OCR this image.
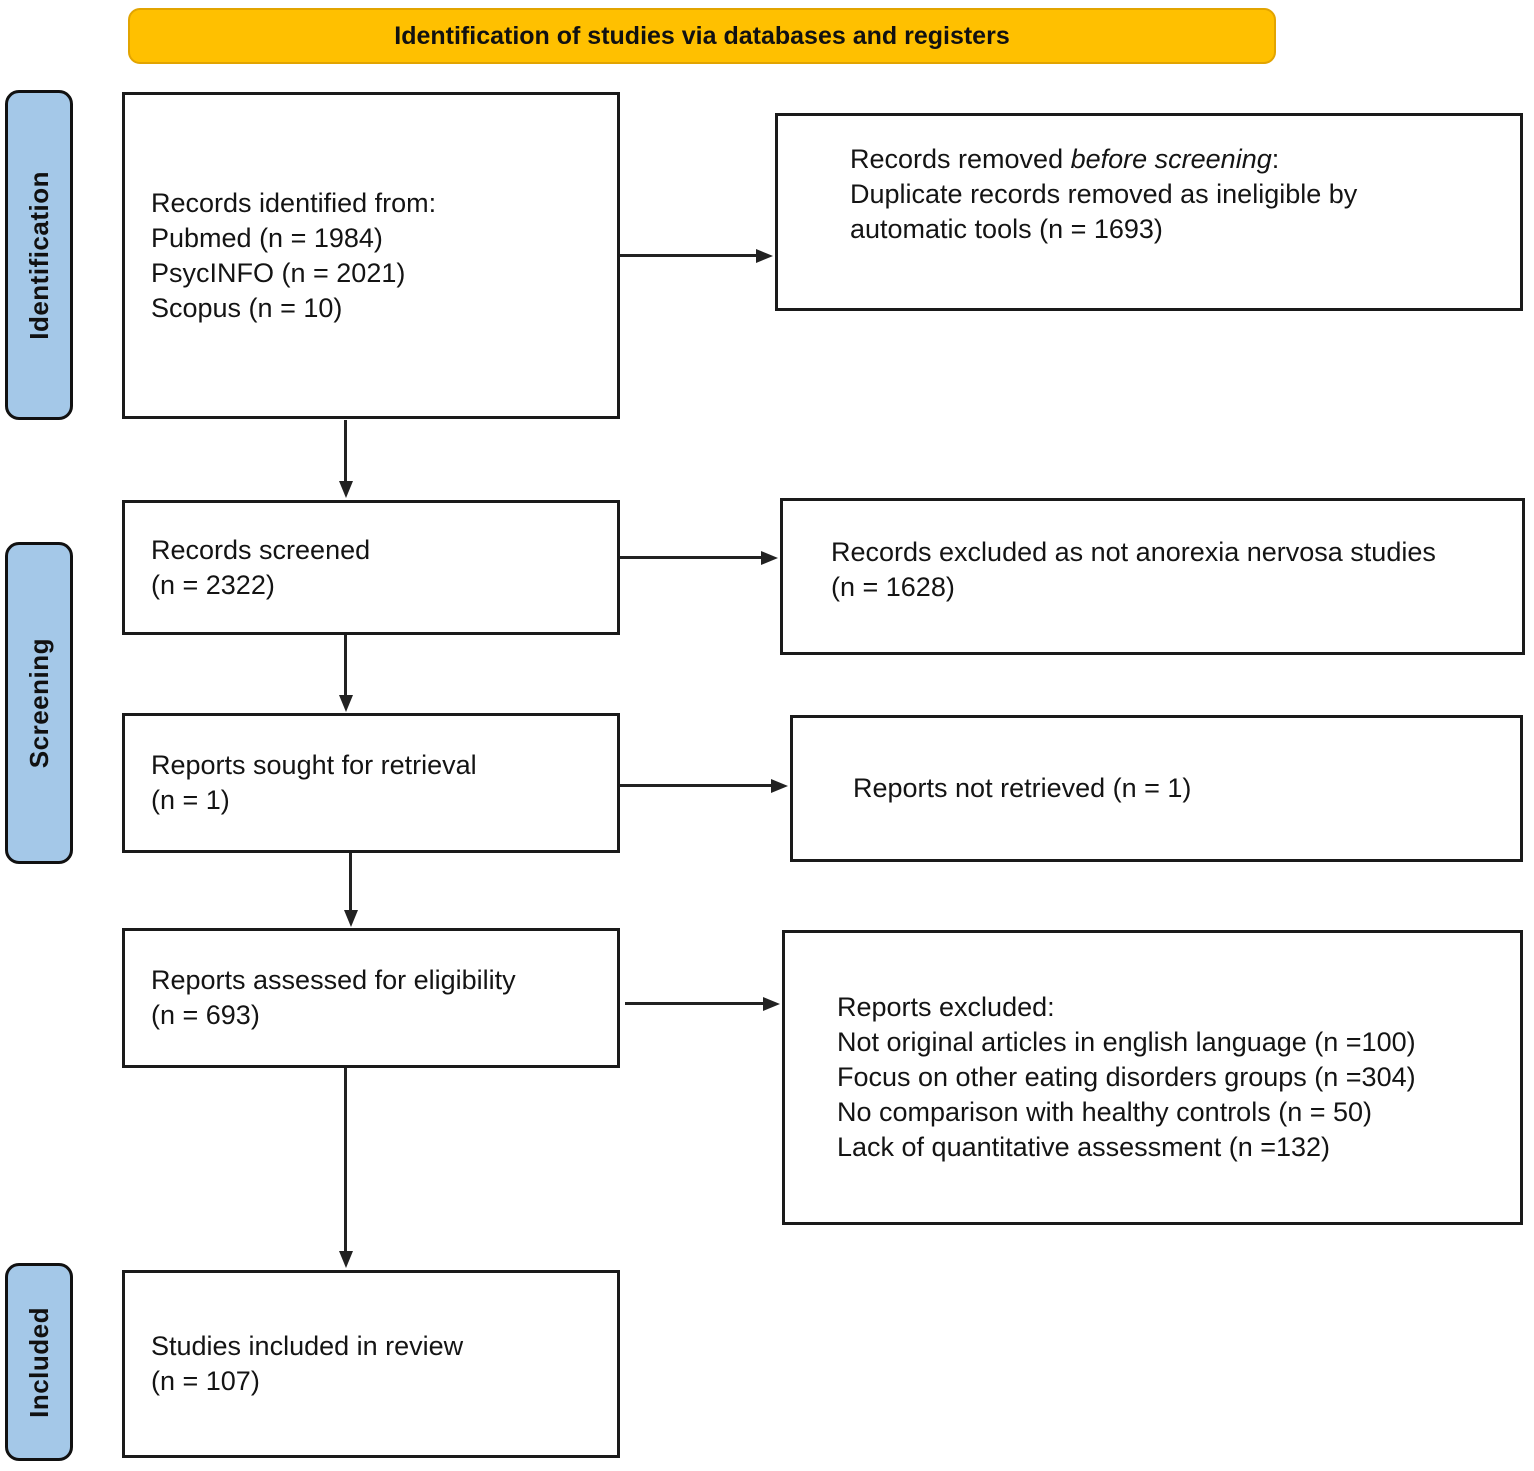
Identification of studies via databases and registers
Identification
Screening
Included
Records identified from:
Pubmed (n = 1984)
PsycINFO (n = 2021)
Scopus (n = 10)
Records removed before screening:
Duplicate records removed as ineligible by automatic tools (n = 1693)
Records screened
(n = 2322)
Records excluded as not anorexia nervosa studies
(n = 1628)
Reports sought for retrieval
(n = 1)	Reports not retrieved (n = 1)
Reports assessed for eligibility
(n = 693)	Reports excluded:
Not original articles in english language (n =100)
Focus on other eating disorders groups (n =304)
No comparison with healthy controls (n = 50)
Lack of quantitative assessment (n =132)
Studies included in review
(n = 107)
